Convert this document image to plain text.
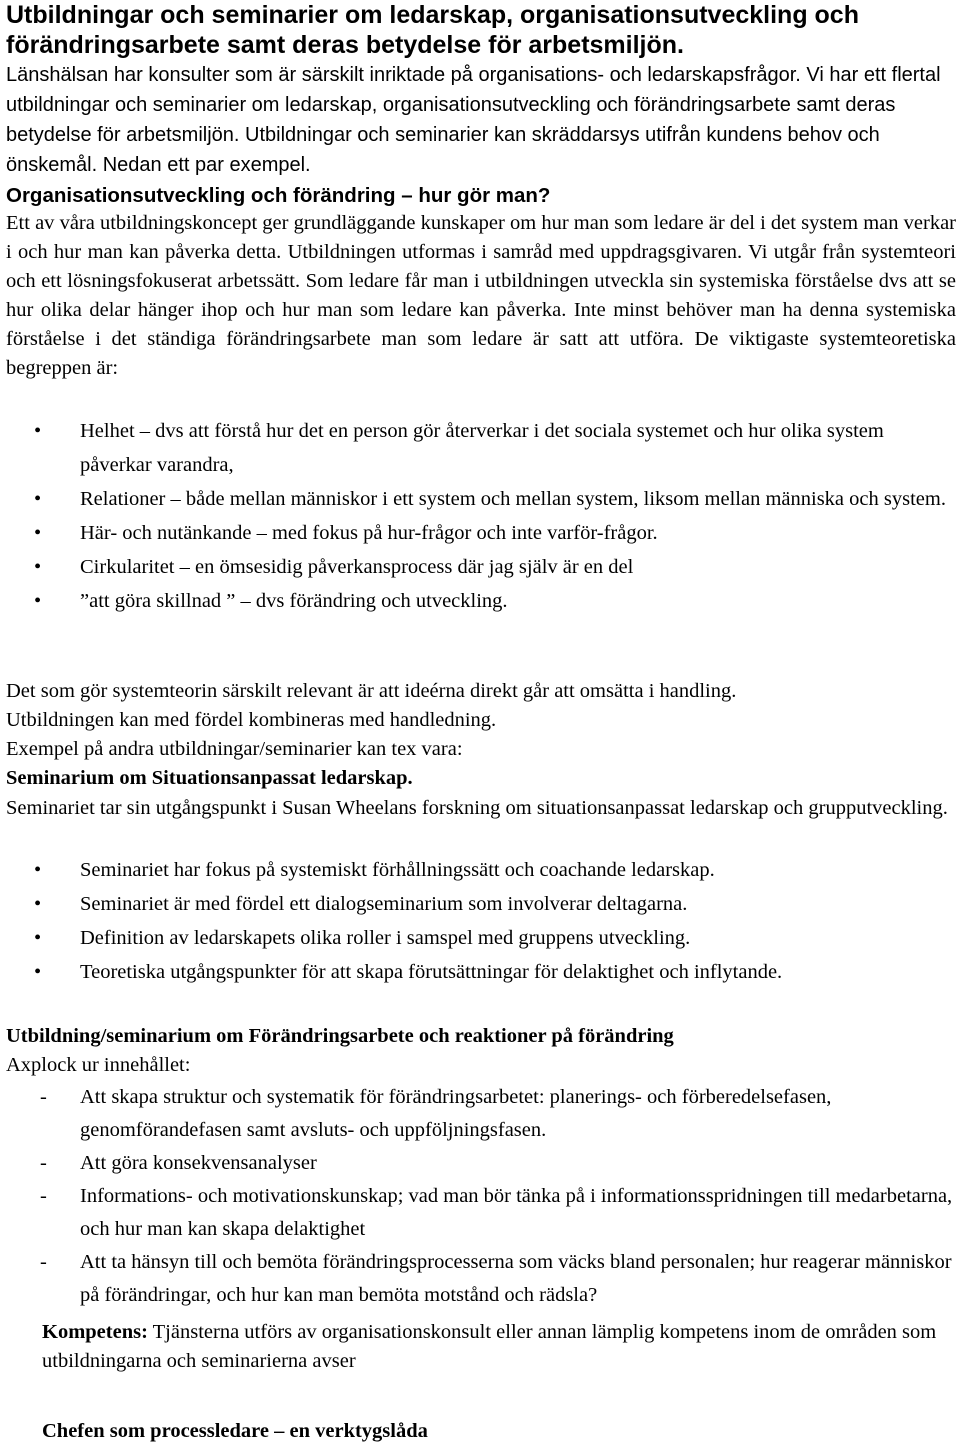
Utbildningar och seminarier om ledarskap, organisationsutveckling och förändringsarbete samt deras betydelse för arbetsmiljön.

Länshälsan har konsulter som är särskilt inriktade på organisations- och ledarskapsfrågor. Vi har ett flertal utbildningar och seminarier om ledarskap, organisationsutveckling och förändringsarbete samt deras betydelse för arbetsmiljön. Utbildningar och seminarier kan skräddarsys utifrån kundens behov och önskemål. Nedan ett par exempel.

Organisationsutveckling och förändring – hur gör man?

Ett av våra utbildningskoncept ger grundläggande kunskaper om hur man som ledare är del i det system man verkar i och hur man kan påverka detta. Utbildningen utformas i samråd med uppdragsgivaren. Vi utgår från systemteori och ett lösningsfokuserat arbetssätt. Som ledare får man i utbildningen utveckla sin systemiska förståelse dvs att se hur olika delar hänger ihop och hur man som ledare kan påverka. Inte minst behöver man ha denna systemiska förståelse i det ständiga förändringsarbete man som ledare är satt att utföra. De viktigaste systemteoretiska begreppen är:

• Helhet – dvs att förstå hur det en person gör återverkar i det sociala systemet och hur olika system påverkar varandra,
• Relationer – både mellan människor i ett system och mellan system, liksom mellan människa och system.
• Här- och nutänkande – med fokus på hur-frågor och inte varför-frågor.
• Cirkularitet – en ömsesidig påverkansprocess där jag själv är en del
• ”att göra skillnad ” – dvs förändring och utveckling.

Det som gör systemteorin särskilt relevant är att ideérna direkt går att omsätta i handling.

Utbildningen kan med fördel kombineras med handledning.

Exempel på andra utbildningar/seminarier kan tex vara:

Seminarium om Situationsanpassat ledarskap.

Seminariet tar sin utgångspunkt i Susan Wheelans forskning om situationsanpassat ledarskap och grupputveckling.

• Seminariet har fokus på systemiskt förhållningssätt och coachande ledarskap.
• Seminariet är med fördel ett dialogseminarium som involverar deltagarna.
• Definition av ledarskapets olika roller i samspel med gruppens utveckling.
• Teoretiska utgångspunkter för att skapa förutsättningar för delaktighet och inflytande.
Utbildning/seminarium om Förändringsarbete och reaktioner på förändring

Axplock ur innehållet:

- Att skapa struktur och systematik för förändringsarbetet: planerings- och förberedelsefasen, genomförandefasen samt avsluts- och uppföljningsfasen.
- Att göra konsekvensanalyser
- Informations- och motivationskunskap; vad man bör tänka på i informationsspridningen till medarbetarna, och hur man kan skapa delaktighet
- Att ta hänsyn till och bemöta förändringsprocesserna som väcks bland personalen; hur reagerar människor på förändringar, och hur kan man bemöta motstånd och rädsla?

Kompetens: Tjänsterna utförs av organisationskonsult eller annan lämplig kompetens inom de områden som utbildningarna och seminarierna avser

Chefen som processledare – en verktygslåda
